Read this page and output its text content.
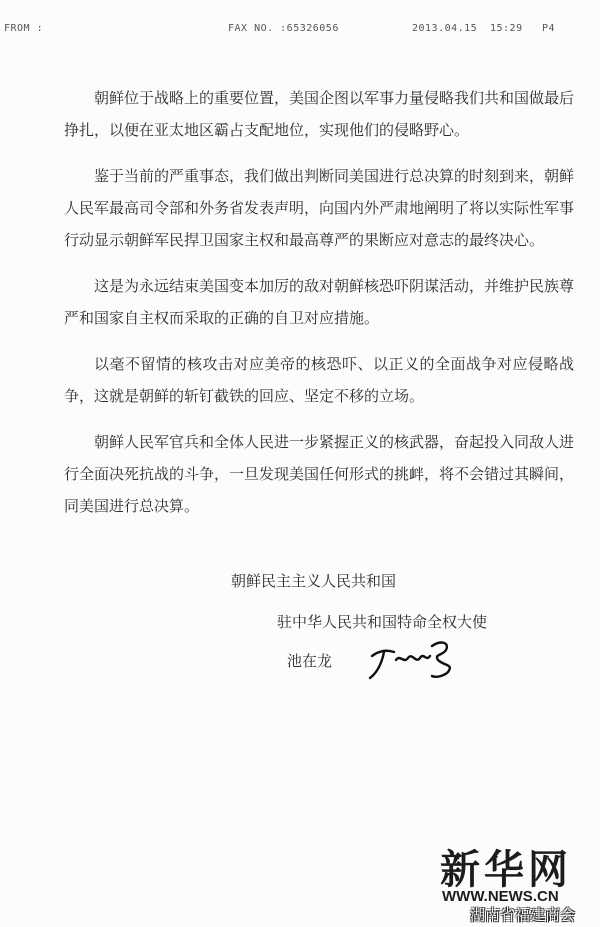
FROM :	FAX NO. :65326056	2013.04.15 15:29 P4

朝鲜位于战略上的重要位置，美国企图以军事力量侵略我们共和国做最后挣扎，以便在亚太地区霸占支配地位，实现他们的侵略野心。

鉴于当前的严重事态，我们做出判断同美国进行总决算的时刻到来，朝鲜人民军最高司令部和外务省发表声明，向国内外严肃地阐明了将以实际性军事行动显示朝鲜军民捍卫国家主权和最高尊严的果断应对意志的最终决心。

这是为永远结束美国变本加厉的敌对朝鲜核恐吓阴谋活动，并维护民族尊严和国家自主权而采取的正确的自卫对应措施。

以毫不留情的核攻击对应美帝的核恐吓、以正义的全面战争对应侵略战争，这就是朝鲜的斩钉截铁的回应、坚定不移的立场。

朝鲜人民军官兵和全体人民进一步紧握正义的核武器，奋起投入同敌人进行全面决死抗战的斗争，一旦发现美国任何形式的挑衅，将不会错过其瞬间，同美国进行总决算。

朝鲜民主主义人民共和国
驻中华人民共和国特命全权大使
池在龙
新华网
WWW.NEWS.CN
湖南省福建商会
